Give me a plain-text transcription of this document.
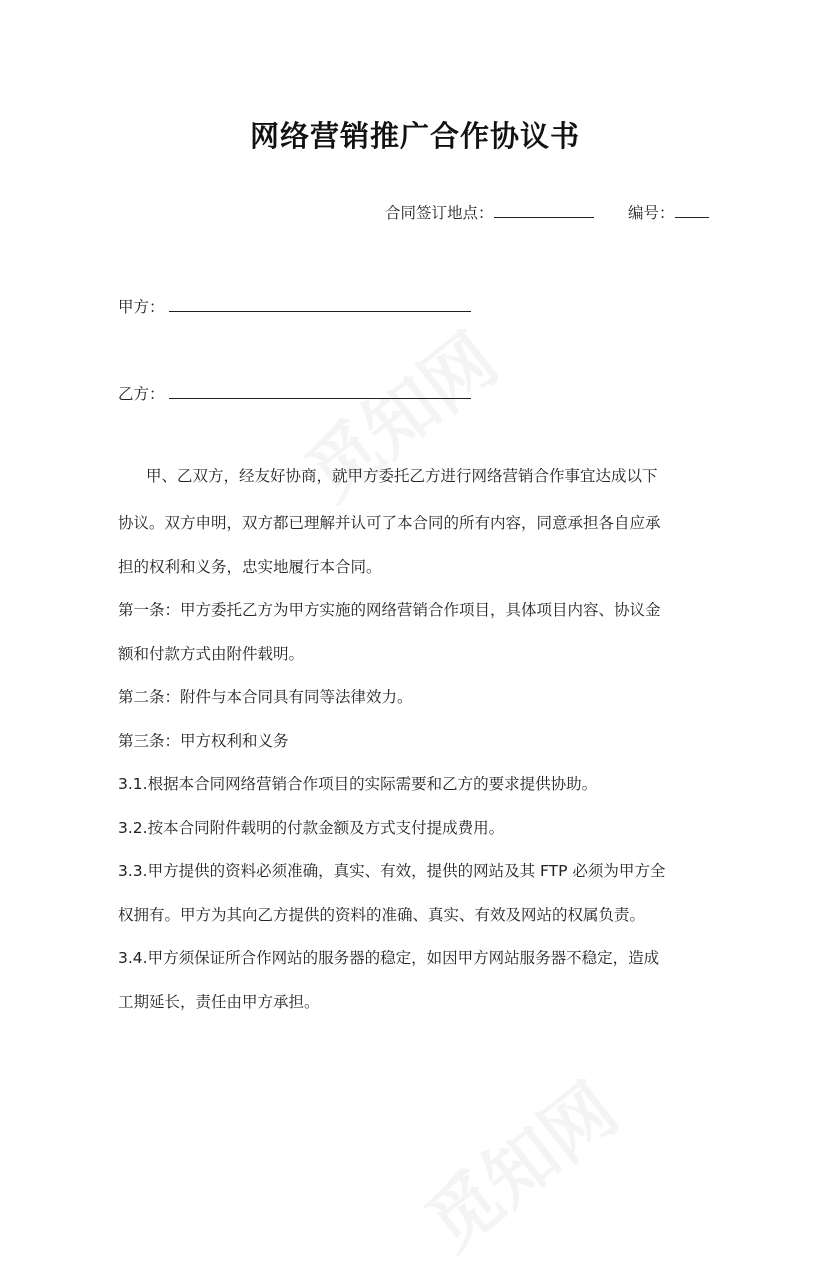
网络营销推广合作协议书
合同签订地点：	编号：
甲方：
乙方：
甲、乙双方，经友好协商，就甲方委托乙方进行网络营销合作事宜达成以下
协议。双方申明，双方都已理解并认可了本合同的所有内容，同意承担各自应承
担的权利和义务，忠实地履行本合同。
第一条：甲方委托乙方为甲方实施的网络营销合作项目，具体项目内容、协议金
额和付款方式由附件载明。
第二条：附件与本合同具有同等法律效力。
第三条：甲方权利和义务
3.1.根据本合同网络营销合作项目的实际需要和乙方的要求提供协助。
3.2.按本合同附件载明的付款金额及方式支付提成费用。
3.3.甲方提供的资料必须准确，真实、有效，提供的网站及其 FTP 必须为甲方全
权拥有。甲方为其向乙方提供的资料的准确、真实、有效及网站的权属负责。
3.4.甲方须保证所合作网站的服务器的稳定，如因甲方网站服务器不稳定，造成
工期延长，责任由甲方承担。
